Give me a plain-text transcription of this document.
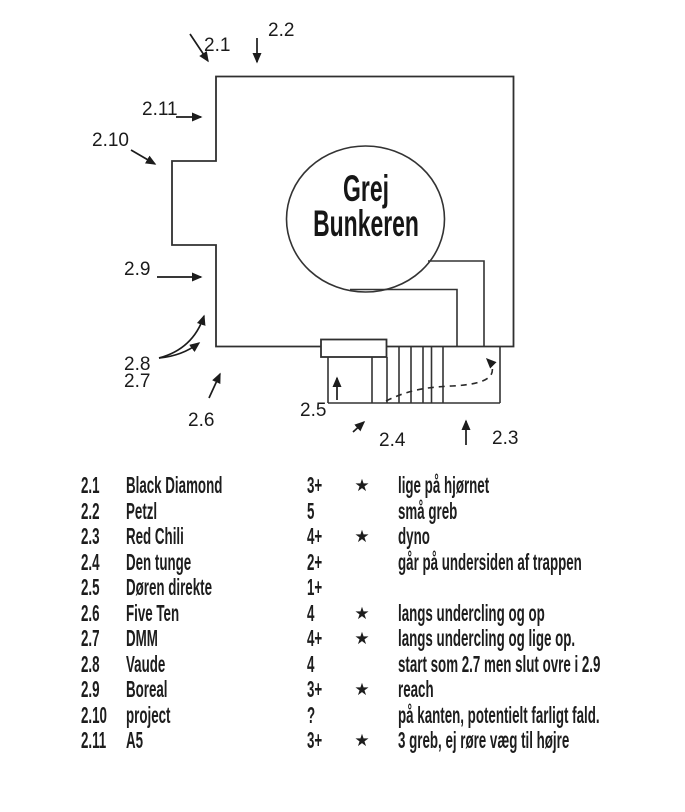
Grej
Bunkeren
2.1
2.2
2.11
2.10
2.9
2.8
2.7
2.6	2.5
2.4	2.3
2.1 Black Diamond	3+ ★ lige på hjørnet
2.2 Petzl	5	små greb
2.3 Red Chili	4+ ★ dyno
2.4 Den tunge	2+	går på undersiden af trappen
2.5 Døren direkte	1+
2.6 Five Ten	4 ★ langs undercling og op
2.7 DMM	4+ ★ langs undercling og lige op.
2.8 Vaude	4	start som 2.7 men slut ovre i 2.9
2.9 Boreal	3+ ★ reach
2.10 project	?	på kanten, potentielt farligt fald.
2.11 A5	3+ ★ 3 greb, ej røre væg til højre
